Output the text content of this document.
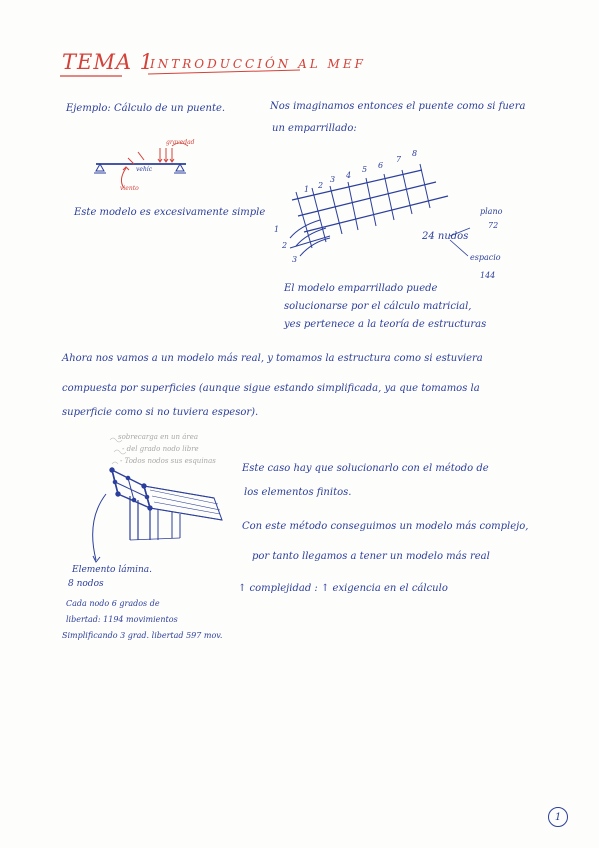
TEMA 1
INTRODUCCIÓN AL MEF
Ejemplo: Cálculo de un puente.
gravedad
viento
vehíc
Este modelo es excesivamente simple
Nos imaginamos entonces el puente como si fuera
un emparrillado:
1 2
3 4
5 6
7
8
1
2
3
24 nudos
plano
72
espacio
144
El modelo emparrillado puede
solucionarse por el cálculo matricial,
yes pertenece a la teoría de estructuras
Ahora nos vamos a un modelo más real, y tomamos la estructura como si estuviera
compuesta por superficies (aunque sigue estando simplificada, ya que tomamos la
superficie como si no tuviera espesor).
sobrecarga en un área
- del grado nodo libre
- Todos nodos sus esquinas
Este caso hay que solucionarlo con el método de
los elementos finitos.
Con este método conseguimos un modelo más complejo,
por tanto llegamos a tener un modelo más real
↑ complejidad : ↑ exigencia en el cálculo
Elemento lámina.
8 nodos
Cada nodo 6 grados de
libertad: 1194 movimientos
Simplificando 3 grad. libertad 597 mov.
1
